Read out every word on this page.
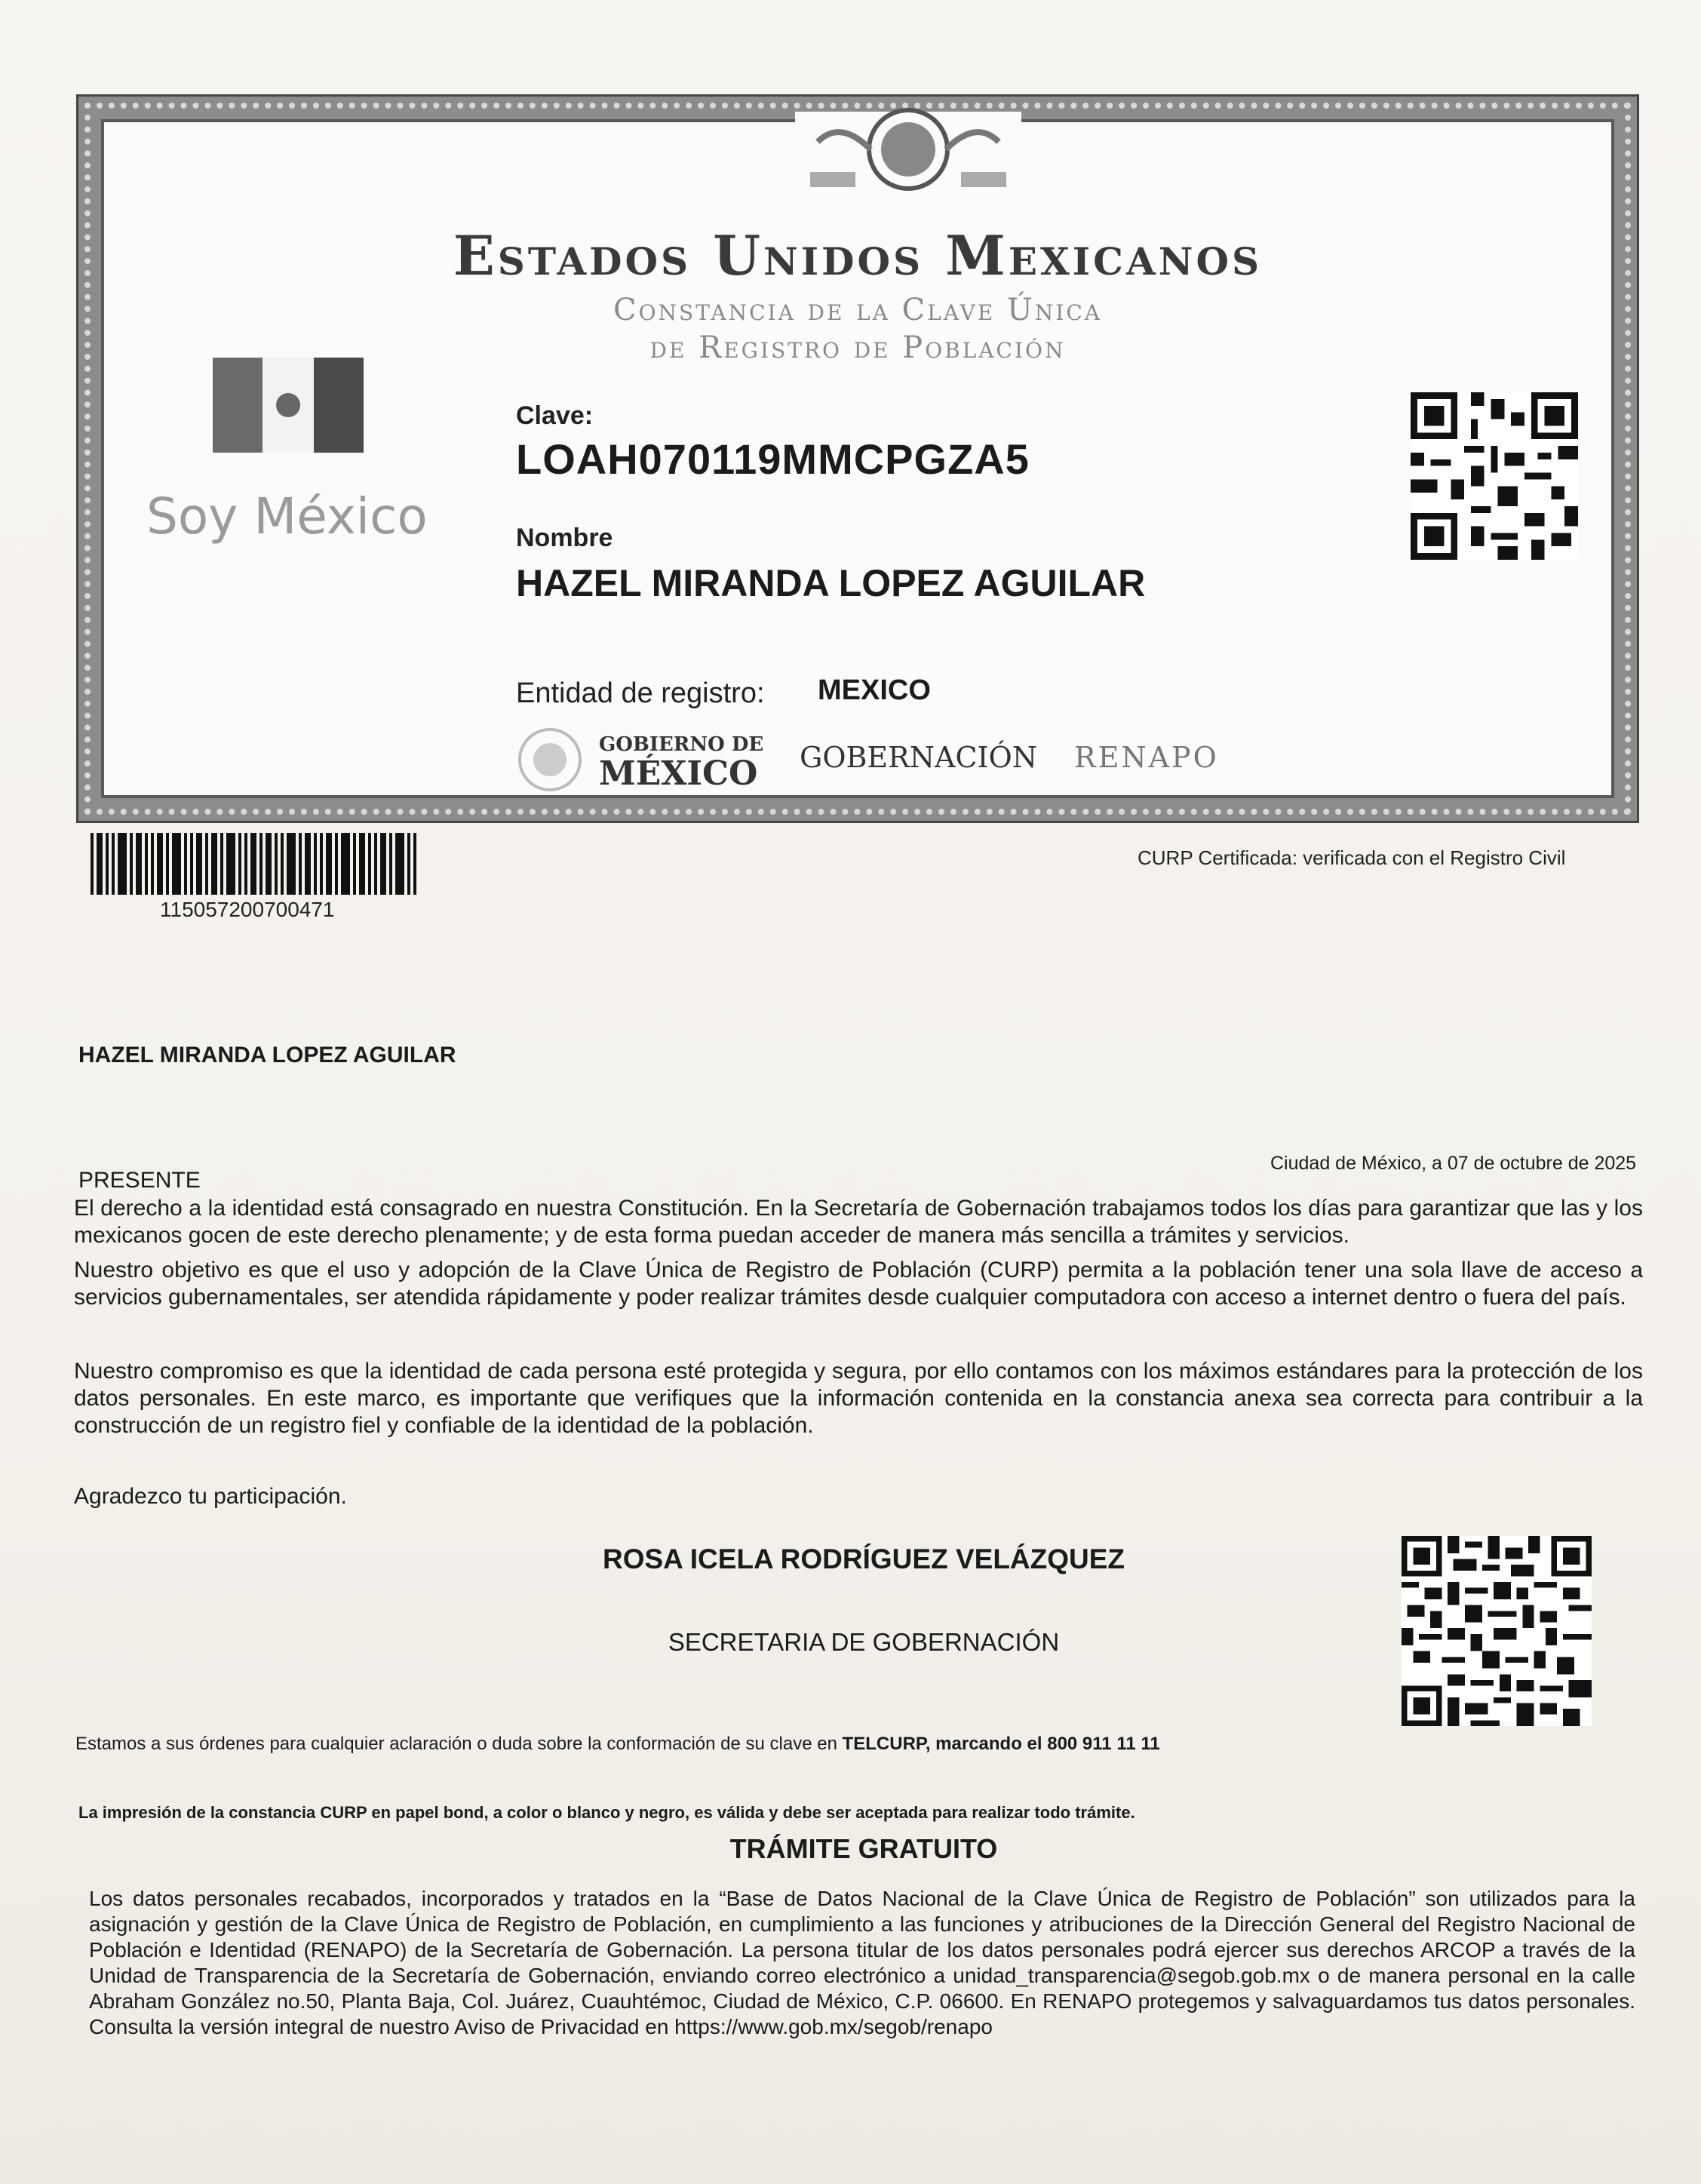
Estados Unidos Mexicanos
Constancia de la Clave Única
de Registro de Población
Soy México
Clave:
LOAH070119MMCPGZA5
Nombre
HAZEL MIRANDA LOPEZ AGUILAR
Entidad de registro: MEXICO
GOBIERNO DE
MÉXICO GOBERNACIÓN RENAPO
115057200700471
CURP Certificada: verificada con el Registro Civil
HAZEL MIRANDA LOPEZ AGUILAR
Ciudad de México, a 07 de octubre de 2025
PRESENTE
El derecho a la identidad está consagrado en nuestra Constitución. En la Secretaría de Gobernación trabajamos todos los días para garantizar que las y los mexicanos gocen de este derecho plenamente; y de esta forma puedan acceder de manera más sencilla a trámites y servicios.
Nuestro objetivo es que el uso y adopción de la Clave Única de Registro de Población (CURP) permita a la población tener una sola llave de acceso a servicios gubernamentales, ser atendida rápidamente y poder realizar trámites desde cualquier computadora con acceso a internet dentro o fuera del país.
Nuestro compromiso es que la identidad de cada persona esté protegida y segura, por ello contamos con los máximos estándares para la protección de los datos personales. En este marco, es importante que verifiques que la información contenida en la constancia anexa sea correcta para contribuir a la construcción de un registro fiel y confiable de la identidad de la población.
Agradezco tu participación.
ROSA ICELA RODRÍGUEZ VELÁZQUEZ
SECRETARIA DE GOBERNACIÓN
Estamos a sus órdenes para cualquier aclaración o duda sobre la conformación de su clave en TELCURP, marcando el 800 911 11 11
La impresión de la constancia CURP en papel bond, a color o blanco y negro, es válida y debe ser aceptada para realizar todo trámite.
TRÁMITE GRATUITO
Los datos personales recabados, incorporados y tratados en la “Base de Datos Nacional de la Clave Única de Registro de Población” son utilizados para la asignación y gestión de la Clave Única de Registro de Población, en cumplimiento a las funciones y atribuciones de la Dirección General del Registro Nacional de Población e Identidad (RENAPO) de la Secretaría de Gobernación. La persona titular de los datos personales podrá ejercer sus derechos ARCOP a través de la Unidad de Transparencia de la Secretaría de Gobernación, enviando correo electrónico a unidad_transparencia@segob.gob.mx o de manera personal en la calle Abraham González no.50, Planta Baja, Col. Juárez, Cuauhtémoc, Ciudad de México, C.P. 06600. En RENAPO protegemos y salvaguardamos tus datos personales. Consulta la versión integral de nuestro Aviso de Privacidad en https://www.gob.mx/segob/renapo
